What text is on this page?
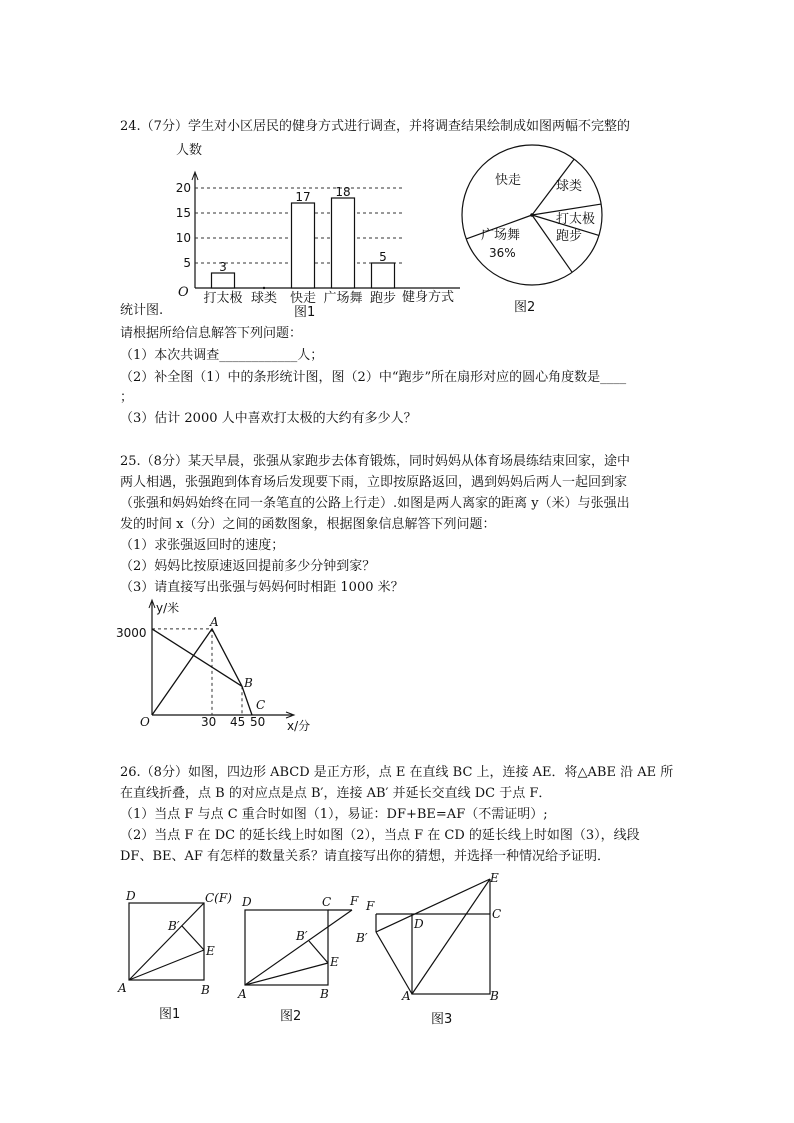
24.（7分）学生对小区居民的健身方式进行调查，并将调查结果绘制成如图两幅不完整的
人数
5
10
15
20
3
打太极 球类
17
快走
18
广场舞
5
跑步
O	健身方式
图1
快走	球类
打太极
跑步
广场舞
36%
图2
统计图.
请根据所给信息解答下列问题：
（1）本次共调查____________人；
（2）补全图（1）中的条形统计图，图（2）中“跑步”所在扇形对应的圆心角度数是____
；
（3）估计 2000 人中喜欢打太极的大约有多少人？
25.（8分）某天早晨，张强从家跑步去体育锻炼，同时妈妈从体育场晨练结束回家，途中
两人相遇，张强跑到体育场后发现要下雨，立即按原路返回，遇到妈妈后两人一起回到家
（张强和妈妈始终在同一条笔直的公路上行走）.如图是两人离家的距离 y（米）与张强出
发的时间 x（分）之间的函数图象，根据图象信息解答下列问题：
（1）求张强返回时的速度；
（2）妈妈比按原速返回提前多少分钟到家？
（3）请直接写出张强与妈妈何时相距 1000 米？
y/米
x/分
O
3000
30 45 50
A
B
C
26.（8分）如图，四边形 ABCD 是正方形，点 E 在直线 BC 上，连接 AE．将△ABE 沿 AE 所
在直线折叠，点 B 的对应点是点 B′，连接 AB′ 并延长交直线 DC 于点 F．
（1）当点 F 与点 C 重合时如图（1），易证：DF+BE=AF（不需证明）;
（2）当点 F 在 DC 的延长线上时如图（2），当点 F 在 CD 的延长线上时如图（3），线段
DF、BE、AF 有怎样的数量关系？请直接写出你的猜想，并选择一种情况给予证明．
D	C(F)
B′
E
A	B
图1
D	C F
B′
E
A	B
图2
F
E
D
C
B′
A	B
图3
